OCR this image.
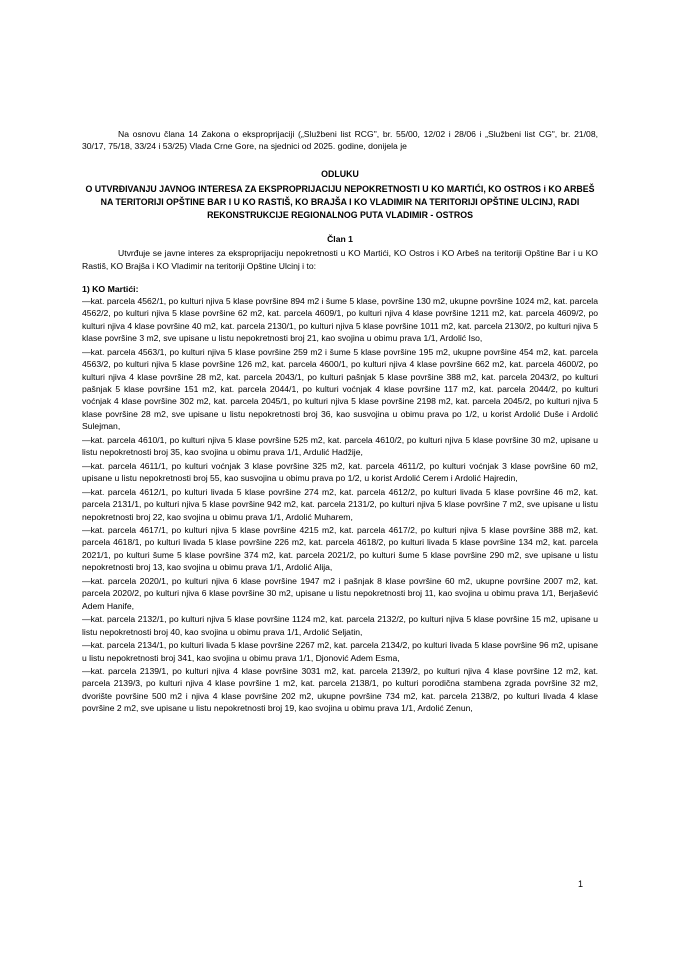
Na osnovu člana 14 Zakona o eksproprijaciji („Službeni list RCG", br. 55/00, 12/02 i 28/06 i „Službeni list CG", br. 21/08, 30/17, 75/18, 33/24 i 53/25) Vlada Crne Gore, na sjednici od 2025. godine, donijela je
ODLUKU
O UTVRĐIVANJU JAVNOG INTERESA ZA EKSPROPRIJACIJU NEPOKRETNOSTI U KO MARTIĆI, KO OSTROS i KO ARBEŠ NA TERITORIJI OPŠTINE BAR I U KO RASTIŠ, KO BRAJŠA I KO VLADIMIR NA TERITORIJI OPŠTINE ULCINJ, RADI REKONSTRUKCIJE REGIONALNOG PUTA VLADIMIR - OSTROS
Član 1
Utvrđuje se javne interes za eksproprijaciju nepokretnosti u KO Martići, KO Ostros i KO Arbeš na teritoriji Opštine Bar i u KO Rastiš, KO Brajša i KO Vladimir na teritoriji Opštine Ulcinj i to:
1) KO Martići:
—kat. parcela 4562/1, po kulturi njiva 5 klase površine 894 m2 i šume 5 klase, površine 130 m2, ukupne površine 1024 m2, kat. parcela 4562/2, po kulturi njiva 5 klase površine 62 m2, kat. parcela 4609/1, po kulturi njiva 4 klase površine 1211 m2, kat. parcela 4609/2, po kulturi njiva 4 klase površine 40 m2, kat. parcela 2130/1, po kulturi njiva 5 klase površine 1011 m2, kat. parcela 2130/2, po kulturi njiva 5 klase površine 3 m2, sve upisane u listu nepokretnosti broj 21, kao svojina u obimu prava 1/1, Ardolić Iso,
—kat. parcela 4563/1, po kulturi njiva 5 klase površine 259 m2 i šume 5 klase površine 195 m2, ukupne površine 454 m2, kat. parcela 4563/2, po kulturi njiva 5 klase površine 126 m2, kat. parcela 4600/1, po kulturi njiva 4 klase površine 662 m2, kat. parcela 4600/2, po kulturi njiva 4 klase površine 28 m2, kat. parcela 2043/1, po kulturi pašnjak 5 klase površine 388 m2, kat. parcela 2043/2, po kulturi pašnjak 5 klase površine 151 m2, kat. parcela 2044/1, po kulturi voćnjak 4 klase površine 117 m2, kat. parcela 2044/2, po kulturi voćnjak 4 klase površine 302 m2, kat. parcela 2045/1, po kulturi njiva 5 klase površine 2198 m2, kat. parcela 2045/2, po kulturi njiva 5 klase površine 28 m2, sve upisane u listu nepokretnosti broj 36, kao susvojina u obimu prava po 1/2, u korist Ardolić Duše i Ardolić Sulejman,
—kat. parcela 4610/1, po kulturi njiva 5 klase površine 525 m2, kat. parcela 4610/2, po kulturi njiva 5 klase površine 30 m2, upisane u listu nepokretnosti broj 35, kao svojina u obimu prava 1/1, Ardulić Hadžije,
—kat. parcela 4611/1, po kulturi voćnjak 3 klase površine 325 m2, kat. parcela 4611/2, po kulturi voćnjak 3 klase površine 60 m2, upisane u listu nepokretnosti broj 55, kao susvojina u obimu prava po 1/2, u korist Ardolić Cerem i Ardolić Hajredin,
—kat. parcela 4612/1, po kulturi livada 5 klase površine 274 m2, kat. parcela 4612/2, po kulturi livada 5 klase površine 46 m2, kat. parcela 2131/1, po kulturi njiva 5 klase površine 942 m2, kat. parcela 2131/2, po kulturi njiva 5 klase površine 7 m2, sve upisane u listu nepokretnosti broj 22, kao svojina u obimu prava 1/1, Ardolić Muharem,
—kat. parcela 4617/1, po kulturi njiva 5 klase površine 4215 m2, kat. parcela 4617/2, po kulturi njiva 5 klase površine 388 m2, kat. parcela 4618/1, po kulturi livada 5 klase površine 226 m2, kat. parcela 4618/2, po kulturi livada 5 klase površine 134 m2, kat. parcela 2021/1, po kulturi šume 5 klase površine 374 m2, kat. parcela 2021/2, po kulturi šume 5 klase površine 290 m2, sve upisane u listu nepokretnosti broj 13, kao svojina u obimu prava 1/1, Ardolić Alija,
—kat. parcela 2020/1, po kulturi njiva 6 klase površine 1947 m2 i pašnjak 8 klase površine 60 m2, ukupne površine 2007 m2, kat. parcela 2020/2, po kulturi njiva 6 klase površine 30 m2, upisane u listu nepokretnosti broj 11, kao svojina u obimu prava 1/1, Berjašević Adem Hanife,
—kat. parcela 2132/1, po kulturi njiva 5 klase površine 1124 m2, kat. parcela 2132/2, po kulturi njiva 5 klase površine 15 m2, upisane u listu nepokretnosti broj 40, kao svojina u obimu prava 1/1, Ardolić Seljatin,
—kat. parcela 2134/1, po kulturi livada 5 klase površine 2267 m2, kat. parcela 2134/2, po kulturi livada 5 klase površine 96 m2, upisane u listu nepokretnosti broj 341, kao svojina u obimu prava 1/1, Djonović Adem Esma,
—kat. parcela 2139/1, po kulturi njiva 4 klase površine 3031 m2, kat. parcela 2139/2, po kulturi njiva 4 klase površine 12 m2, kat. parcela 2139/3, po kulturi njiva 4 klase površine 1 m2, kat. parcela 2138/1, po kulturi porodična stambena zgrada površine 32 m2, dvorište površine 500 m2 i njiva 4 klase površine 202 m2, ukupne površine 734 m2, kat. parcela 2138/2, po kulturi livada 4 klase površine 2 m2, sve upisane u listu nepokretnosti broj 19, kao svojina u obimu prava 1/1, Ardolić Zenun,
1
